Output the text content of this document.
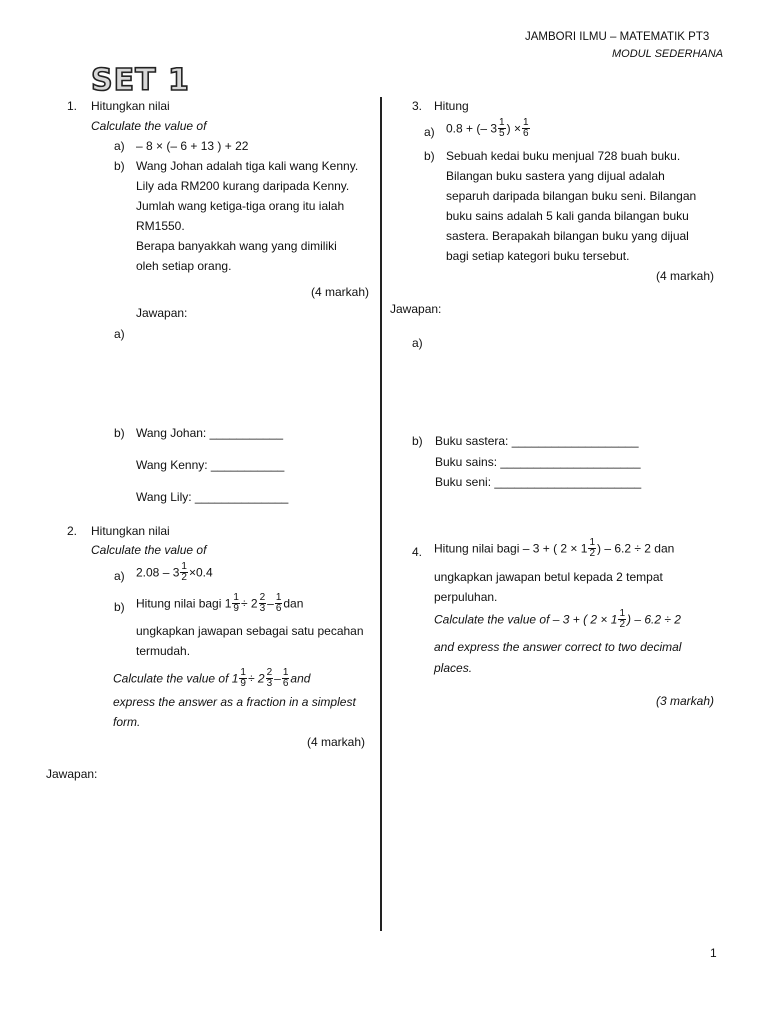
JAMBORI ILMU – MATEMATIK PT3
MODUL SEDERHANA
SET 1
1. Hitungkan nilai
Calculate the value of
a) – 8 × (– 6 + 13 ) + 22
b) Wang Johan adalah tiga kali wang Kenny.
Lily ada RM200 kurang daripada Kenny.
Jumlah wang ketiga-tiga orang itu ialah
RM1550.
Berapa banyakkah wang yang dimiliki
oleh setiap orang.
(4 markah)
Jawapan:
a)
b) Wang Johan: ___________
Wang Kenny: ___________
Wang Lily: ______________
2. Hitungkan nilai
Calculate the value of
a) $2.08 - 3 \frac{1}{2} \times 0.4$
b) Hitung nilai bagi $1 \frac{1}{9} \div 2 \frac{2}{3} - \frac{1}{6}$ dan
ungkapkan jawapan sebagai satu pecahan
termudah.
Calculate the value of $1 \frac{1}{9} \div 2 \frac{2}{3} - \frac{1}{6}$ and
express the answer as a fraction in a simplest
form.
(4 markah)
Jawapan:
3. Hitung
a) 0.8 + (– $3 \frac{1}{5}$ ) × $\frac{1}{6}$
b) Sebuah kedai buku menjual 728 buah buku.
Bilangan buku sastera yang dijual adalah
separuh daripada bilangan buku seni. Bilangan
buku sains adalah 5 kali ganda bilangan buku
sastera. Berapakah bilangan buku yang dijual
bagi setiap kategori buku tersebut.
(4 markah)
Jawapan:
a)
b) Buku sastera: ___________________
Buku sains: _____________________
Buku seni: ______________________
4. Hitung nilai bagi – 3 + ( $2 \times 1 \frac{1}{2}$ ) – 6.2 ÷ 2 dan
ungkapkan jawapan betul kepada 2 tempat
perpuluhan.
Calculate the value of – 3 + ( $2 \times 1 \frac{1}{2}$ ) – 6.2 ÷ 2
and express the answer correct to two decimal
places.
(3 markah)
1
